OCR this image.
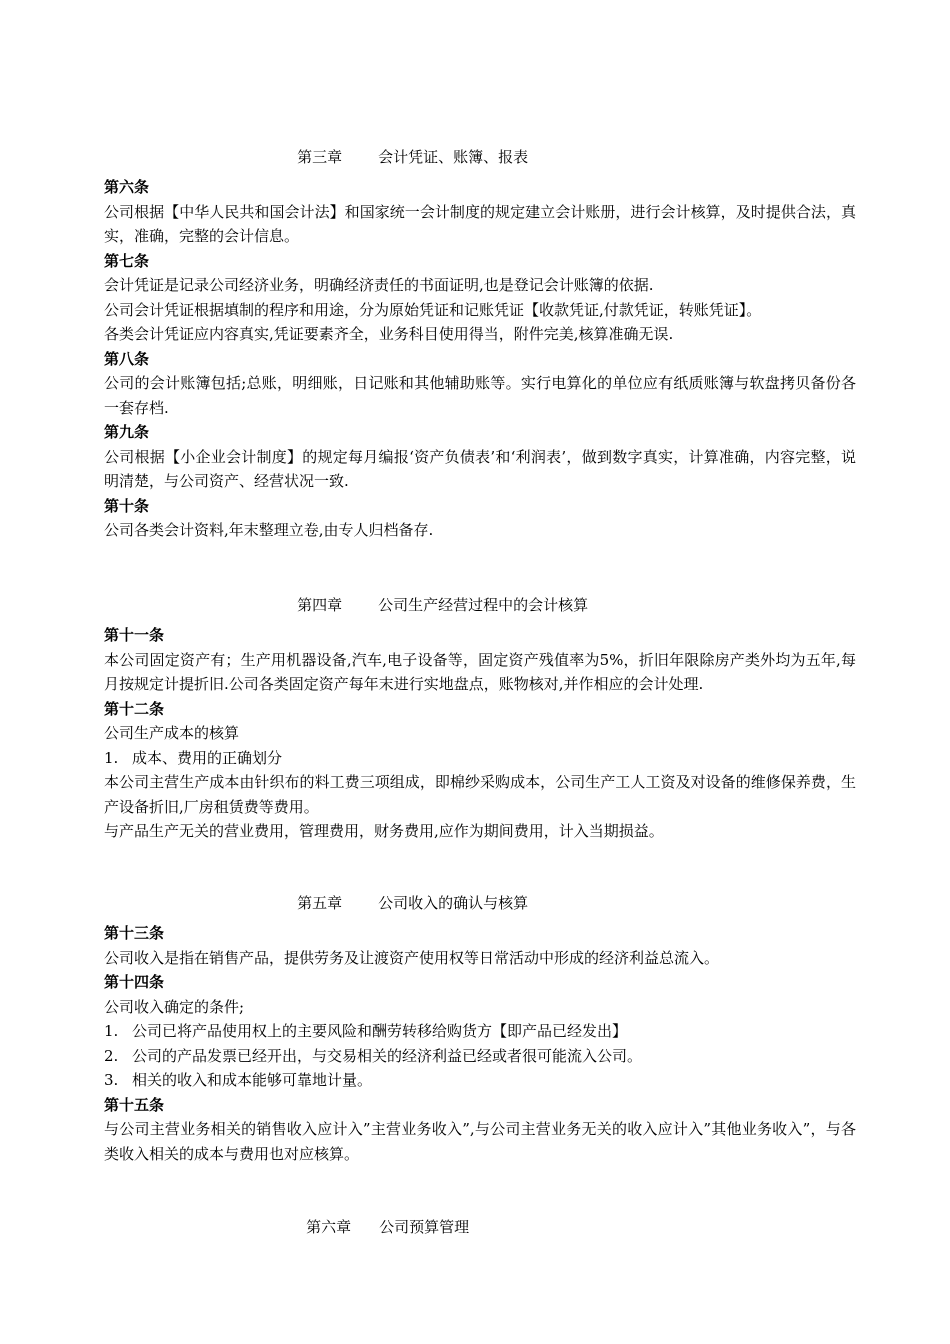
第三章 会计凭证、账簿、报表

第六条
公司根据【中华人民共和国会计法】和国家统一会计制度的规定建立会计账册，进行会计核算，及时提供合法，真实，准确，完整的会计信息。
第七条
会计凭证是记录公司经济业务，明确经济责任的书面证明,也是登记会计账簿的依据.
公司会计凭证根据填制的程序和用途，分为原始凭证和记账凭证【收款凭证,付款凭证，转账凭证】。
各类会计凭证应内容真实,凭证要素齐全，业务科目使用得当，附件完美,核算准确无误.
第八条
公司的会计账簿包括;总账，明细账，日记账和其他辅助账等。实行电算化的单位应有纸质账簿与软盘拷贝备份各一套存档.
第九条
公司根据【小企业会计制度】的规定每月编报‘资产负债表’和‘利润表’，做到数字真实，计算准确，内容完整，说明清楚，与公司资产、经营状况一致.
第十条
公司各类会计资料,年末整理立卷,由专人归档备存.

第四章 公司生产经营过程中的会计核算

第十一条
本公司固定资产有；生产用机器设备,汽车,电子设备等，固定资产残值率为5%，折旧年限除房产类外均为五年,每月按规定计提折旧.公司各类固定资产每年末进行实地盘点，账物核对,并作相应的会计处理.
第十二条
公司生产成本的核算
1. 成本、费用的正确划分
本公司主营生产成本由针织布的料工费三项组成，即棉纱采购成本，公司生产工人工资及对设备的维修保养费，生产设备折旧,厂房租赁费等费用。
与产品生产无关的营业费用，管理费用，财务费用,应作为期间费用，计入当期损益。

第五章 公司收入的确认与核算

第十三条
公司收入是指在销售产品，提供劳务及让渡资产使用权等日常活动中形成的经济利益总流入。
第十四条
公司收入确定的条件;
1. 公司已将产品使用权上的主要风险和酬劳转移给购货方【即产品已经发出】
2. 公司的产品发票已经开出，与交易相关的经济利益已经或者很可能流入公司。
3. 相关的收入和成本能够可靠地计量。
第十五条
与公司主营业务相关的销售收入应计入”主营业务收入”,与公司主营业务无关的收入应计入”其他业务收入”，与各类收入相关的成本与费用也对应核算。

第六章 公司预算管理
